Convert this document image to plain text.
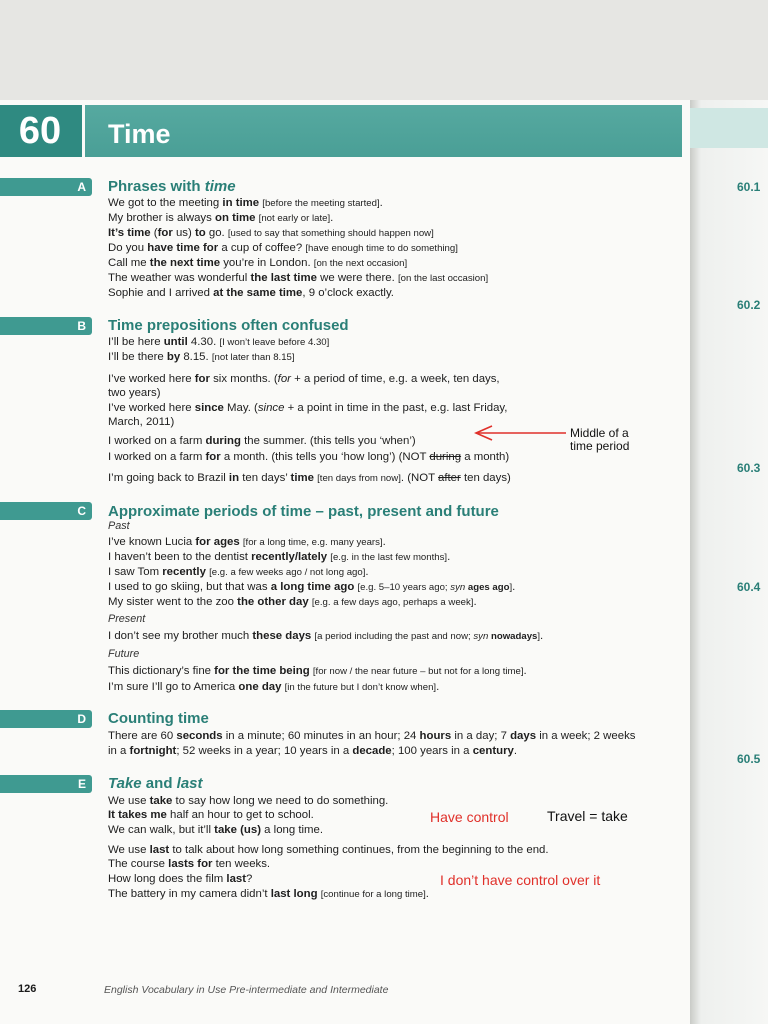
60	Time
60.1
60.2
60.3
60.4
60.5
A Phrases with time
We got to the meeting in time [before the meeting started].
My brother is always on time [not early or late].
It’s time (for us) to go. [used to say that something should happen now]
Do you have time for a cup of coffee? [have enough time to do something]
Call me the next time you’re in London. [on the next occasion]
The weather was wonderful the last time we were there. [on the last occasion]
Sophie and I arrived at the same time, 9 o’clock exactly.
B Time prepositions often confused
I’ll be here until 4.30. [I won’t leave before 4.30]
I’ll be there by 8.15. [not later than 8.15]
I’ve worked here for six months. (for + a period of time, e.g. a week, ten days,
two years)
I’ve worked here since May. (since + a point in time in the past, e.g. last Friday,
March, 2011)
I worked on a farm during the summer. (this tells you ‘when’)
I worked on a farm for a month. (this tells you ‘how long’) (NOT during a month)
I’m going back to Brazil in ten days’ time [ten days from now]. (NOT after ten days)
Middle of a time period
C Approximate periods of time – past, present and future
Past
I’ve known Lucia for ages [for a long time, e.g. many years].
I haven’t been to the dentist recently/lately [e.g. in the last few months].
I saw Tom recently [e.g. a few weeks ago / not long ago].
I used to go skiing, but that was a long time ago [e.g. 5–10 years ago; syn ages ago].
My sister went to the zoo the other day [e.g. a few days ago, perhaps a week].
Present
I don’t see my brother much these days [a period including the past and now; syn nowadays].
Future
This dictionary’s fine for the time being [for now / the near future – but not for a long time].
I’m sure I’ll go to America one day [in the future but I don’t know when].
D Counting time
There are 60 seconds in a minute; 60 minutes in an hour; 24 hours in a day; 7 days in a week; 2 weeks
in a fortnight; 52 weeks in a year; 10 years in a decade; 100 years in a century.
E Take and last
We use take to say how long we need to do something.
It takes me half an hour to get to school.
We can walk, but it’ll take (us) a long time.
We use last to talk about how long something continues, from the beginning to the end.
The course lasts for ten weeks.
How long does the film last?
The battery in my camera didn’t last long [continue for a long time].
Have control	Travel = take
I don’t have control over it
126	English Vocabulary in Use Pre-intermediate and Intermediate
